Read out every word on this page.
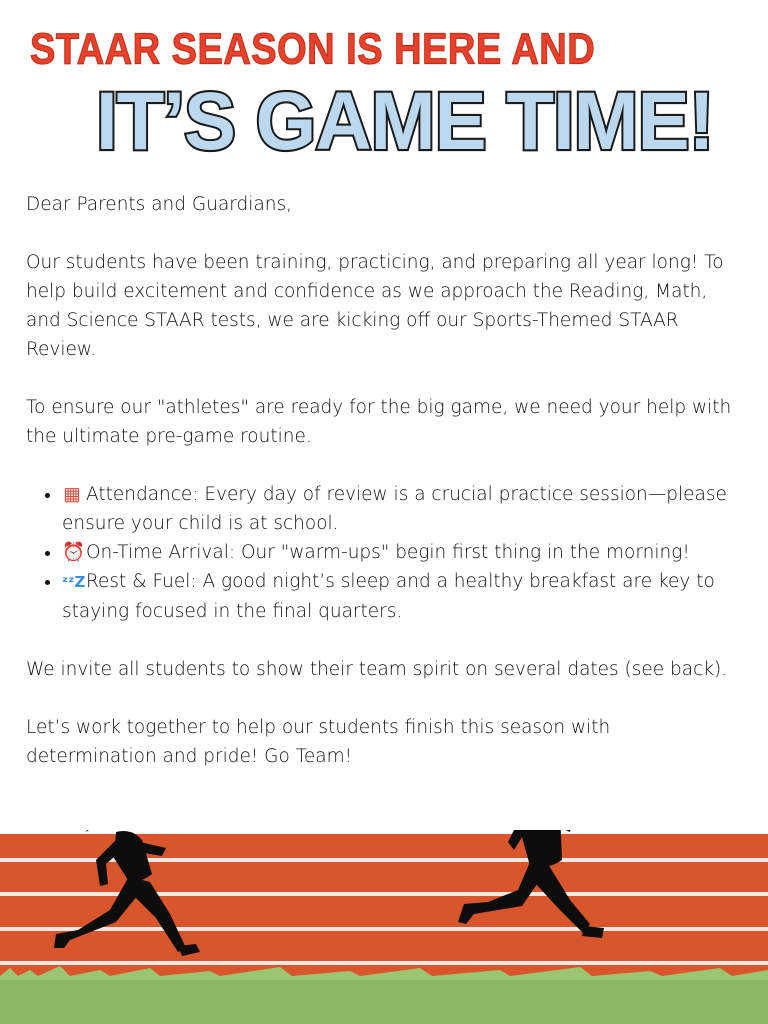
STAAR SEASON IS HERE AND
IT’S GAME TIME!

Dear Parents and Guardians,

Our students have been training, practicing, and preparing all year long! To help build excitement and confidence as we approach the Reading, Math, and Science STAAR tests, we are kicking off our Sports-Themed STAAR Review.

To ensure our "athletes" are ready for the big game, we need your help with the ultimate pre-game routine.

• ▦ Attendance: Every day of review is a crucial practice session—please ensure your child is at school.
• ⏰On-Time Arrival: Our "warm-ups" begin first thing in the morning!
• ᶻᶻZRest & Fuel: A good night’s sleep and a healthy breakfast are key to staying focused in the final quarters.

We invite all students to show their team spirit on several dates (see back).

Let’s work together to help our students finish this season with determination and pride! Go Team!
